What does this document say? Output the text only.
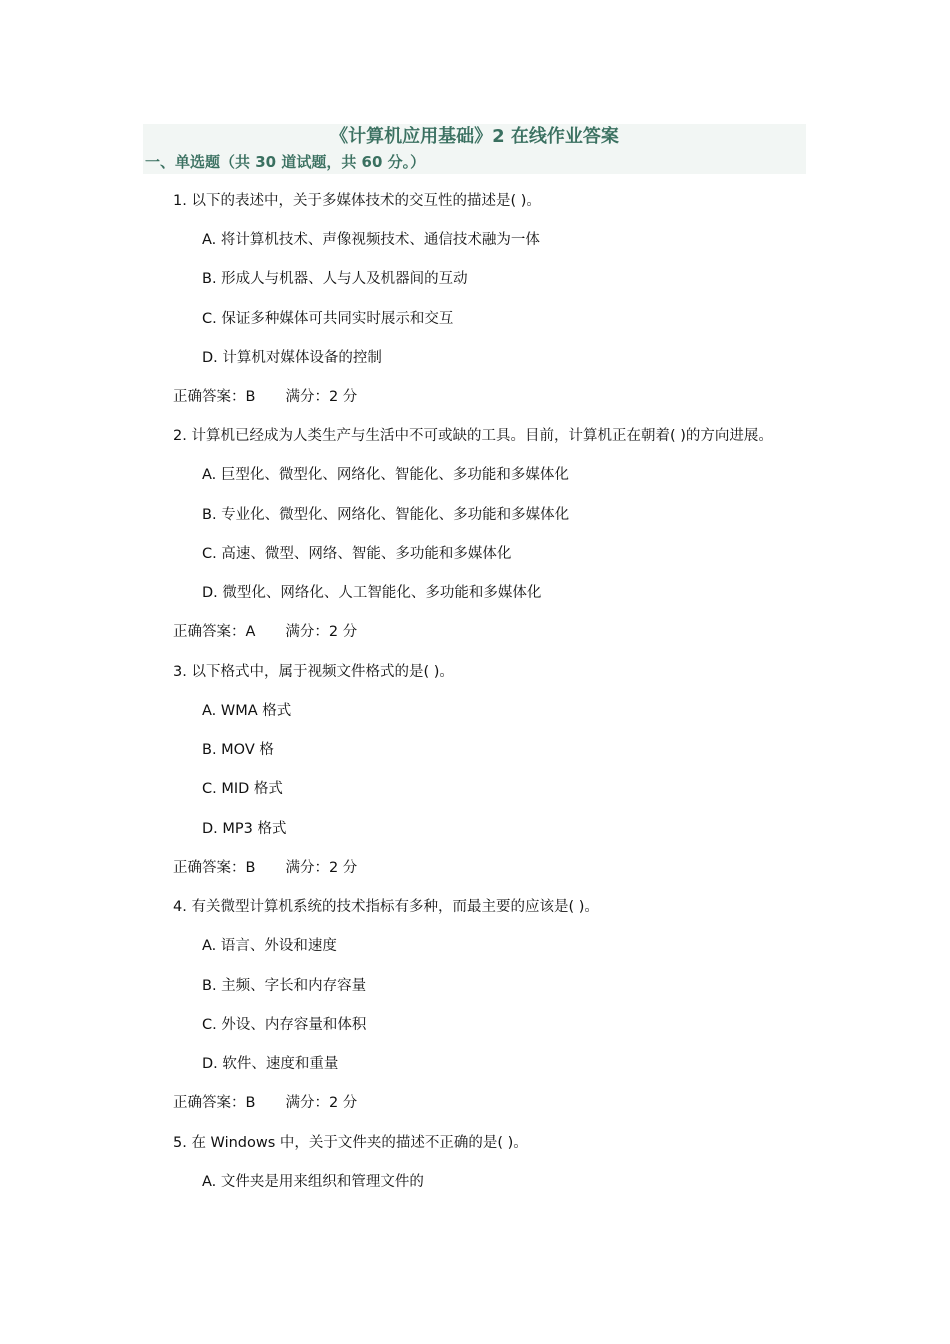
《计算机应用基础》2 在线作业答案
一、单选题（共 30 道试题，共 60 分。）
1. 以下的表述中，关于多媒体技术的交互性的描述是( )。
A. 将计算机技术、声像视频技术、通信技术融为一体
B. 形成人与机器、人与人及机器间的互动
C. 保证多种媒体可共同实时展示和交互
D. 计算机对媒体设备的控制
正确答案：B 满分：2 分
2. 计算机已经成为人类生产与生活中不可或缺的工具。目前，计算机正在朝着( )的方向进展。
A. 巨型化、微型化、网络化、智能化、多功能和多媒体化
B. 专业化、微型化、网络化、智能化、多功能和多媒体化
C. 高速、微型、网络、智能、多功能和多媒体化
D. 微型化、网络化、人工智能化、多功能和多媒体化
正确答案：A 满分：2 分
3. 以下格式中，属于视频文件格式的是( )。
A. WMA 格式
B. MOV 格
C. MID 格式
D. MP3 格式
正确答案：B 满分：2 分
4. 有关微型计算机系统的技术指标有多种，而最主要的应该是( )。
A. 语言、外设和速度
B. 主频、字长和内存容量
C. 外设、内存容量和体积
D. 软件、速度和重量
正确答案：B 满分：2 分
5. 在 Windows 中，关于文件夹的描述不正确的是( )。
A. 文件夹是用来组织和管理文件的
